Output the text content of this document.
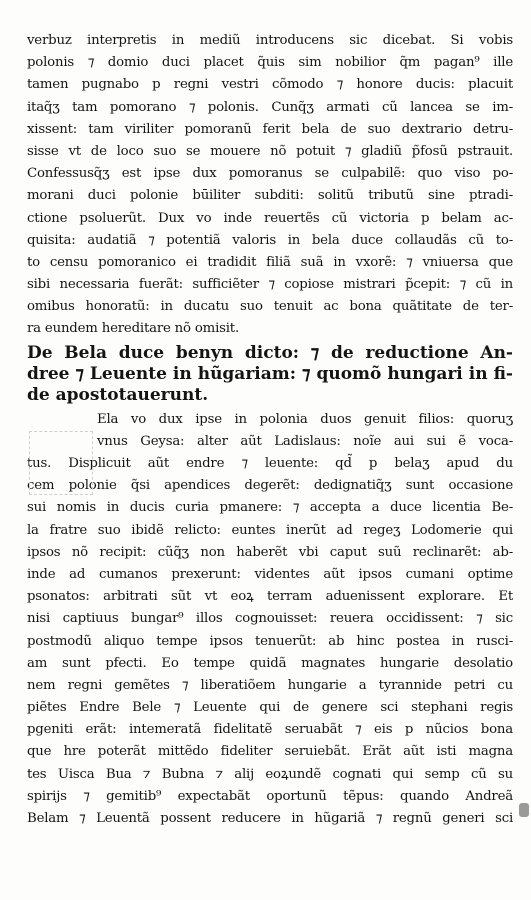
verbuz interpretis in mediũ introducens sic dicebat. Si vobis
polonis ⁊ domio duci placet q̃uis sim nobilior q̃m pagan⁹ ille
tamen pugnabo p regni vestri cõmodo ⁊ honore ducis: placuit
itaq̃ʒ tam pomorano ⁊ polonis. Cunq̃ʒ armati cũ lancea se im-
xissent: tam viriliter pomoranũ ferit bela de suo dextrario detru-
sisse vt de loco suo se mouere nõ potuit ⁊ gladiũ p̃fosũ pstrauit.
Confessusq̃ʒ est ipse dux pomoranus se culpabilẽ: quo viso po-
morani duci polonie būiliter subditi: solitũ tributũ sine ptradi-
ctione psoluerũt. Dux vo inde reuertẽs cũ victoria p belam ac-
quisita: audatiã ⁊ potentiã valoris in bela duce collaudãs cũ to-
to censu pomoranico ei tradidit filiã suã in vxorẽ: ⁊ vniuersa que
sibi necessaria fuerãt: sufficiẽter ⁊ copiose mistrari p̃cepit: ⁊ cũ in
omibus honoratũ: in ducatu suo tenuit ac bona quãtitate de ter-
ra eundem hereditare nõ omisit.
De Bela duce benyn dicto: ⁊ de reductione An-
dree ⁊ Leuente in hũgariam: ⁊ quomõ hungari in fi-
de apostotauerunt.
Ela vo dux ipse in polonia duos genuit filios: quoruʒ
vnus Geysa: alter aũt Ladislaus: noĩe aui sui ẽ voca-
tus. Displicuit aũt endre ⁊ leuente: qd̃ p belaʒ apud du
cem polonie q̃si apendices degerẽt: dedignatiq̃ʒ sunt occasione
sui nomis in ducis curia pmanere: ⁊ accepta a duce licentia Be-
la fratre suo ibidẽ relicto: euntes inerũt ad regeʒ Lodomerie qui
ipsos nõ recipit: cũq̃ʒ non haberẽt vbi caput suũ reclinarẽt: ab-
inde ad cumanos prexerunt: videntes aũt ipsos cumani optime
psonatos: arbitrati sũt vt eoꝝ terram aduenissent explorare. Et
nisi captiuus bungar⁹ illos cognouisset: reuera occidissent: ⁊ sic
postmodũ aliquo tempe ipsos tenuerũt: ab hinc postea in rusci-
am sunt pfecti. Eo tempe quidã magnates hungarie desolatio
nem regni gemẽtes ⁊ liberatiõem hungarie a tyrannide petri cu
piẽtes Endre Bele ⁊ Leuente qui de genere sci stephani regis
pgeniti erãt: intemeratã fidelitatẽ seruabãt ⁊ eis p nũcios bona
que hre poterãt mittẽdo fideliter seruiebãt. Erãt aũt isti magna
tes Uisca Bua ⁊ Bubna ⁊ alij eoꝝundẽ cognati qui semp cũ su
spirijs ⁊ gemitib⁹ expectabãt oportunũ tẽpus: quando Andreã
Belam ⁊ Leuentã possent reducere in hũgariã ⁊ regnũ generi sci
